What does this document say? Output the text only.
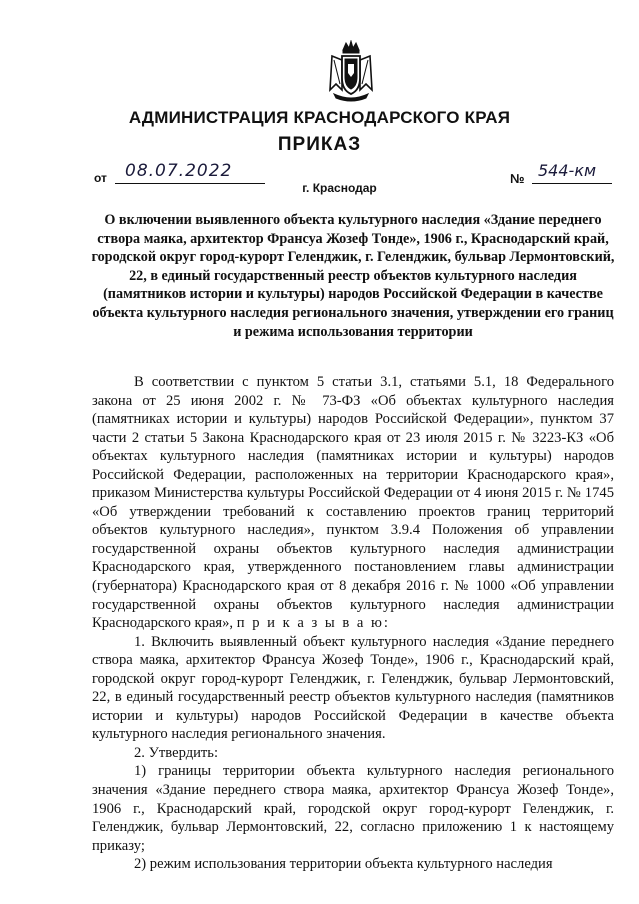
АДМИНИСТРАЦИЯ КРАСНОДАРСКОГО КРАЯ
ПРИКАЗ
от 08.07.2022	№ 544-км
г. Краснодар
О включении выявленного объекта культурного наследия «Здание переднего створа маяка, архитектор Франсуа Жозеф Тонде», 1906 г., Краснодарский край, городской округ город-курорт Геленджик, г. Геленджик, бульвар Лермонтовский, 22, в единый государственный реестр объектов культурного наследия (памятников истории и культуры) народов Российской Федерации в качестве объекта культурного наследия регионального значения, утверждении его границ и режима использования территории

В соответствии с пунктом 5 статьи 3.1, статьями 5.1, 18 Федерального закона от 25 июня 2002 г. № 73-ФЗ «Об объектах культурного наследия (памятниках истории и культуры) народов Российской Федерации», пунктом 37 части 2 статьи 5 Закона Краснодарского края от 23 июля 2015 г. № 3223-КЗ «Об объектах культурного наследия (памятниках истории и культуры) народов Российской Федерации, расположенных на территории Краснодарского края», приказом Министерства культуры Российской Федерации от 4 июня 2015 г. № 1745 «Об утверждении требований к составлению проектов границ территорий объектов культурного наследия», пунктом 3.9.4 Положения об управлении государственной охраны объектов культурного наследия администрации Краснодарского края, утвержденного постановлением главы администрации (губернатора) Краснодарского края от 8 декабря 2016 г. № 1000 «Об управлении государственной охраны объектов культурного наследия администрации Краснодарского края», п р и к а з ы в а ю:

1. Включить выявленный объект культурного наследия «Здание переднего створа маяка, архитектор Франсуа Жозеф Тонде», 1906 г., Краснодарский край, городской округ город-курорт Геленджик, г. Геленджик, бульвар Лермонтовский, 22, в единый государственный реестр объектов культурного наследия (памятников истории и культуры) народов Российской Федерации в качестве объекта культурного наследия регионального значения.

2. Утвердить:

1) границы территории объекта культурного наследия регионального значения «Здание переднего створа маяка, архитектор Франсуа Жозеф Тонде», 1906 г., Краснодарский край, городской округ город-курорт Геленджик, г. Геленджик, бульвар Лермонтовский, 22, согласно приложению 1 к настоящему приказу;

2) режим использования территории объекта культурного наследия
